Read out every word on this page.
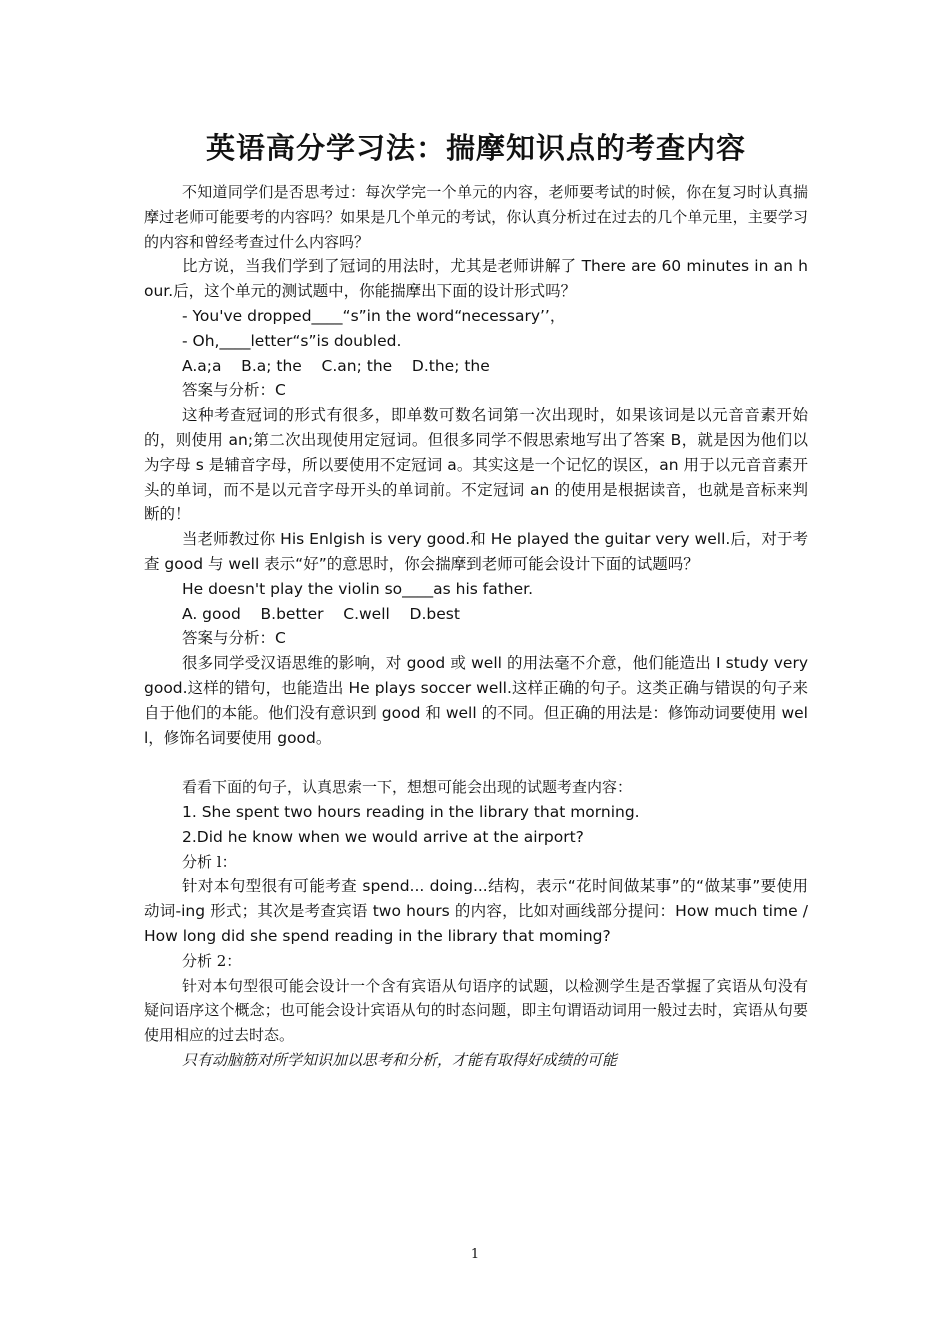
英语高分学习法：揣摩知识点的考查内容

不知道同学们是否思考过：每次学完一个单元的内容，老师要考试的时候，你在复习时认真揣摩过老师可能要考的内容吗？如果是几个单元的考试，你认真分析过在过去的几个单元里，主要学习的内容和曾经考查过什么内容吗？

比方说，当我们学到了冠词的用法时，尤其是老师讲解了 There are 60 minutes in an hour.后，这个单元的测试题中，你能揣摩出下面的设计形式吗？

- You've dropped____“s”in the word“necessary’’，

- Oh,____letter“s”is doubled.

A.a;a    B.a; the    C.an; the    D.the; the

答案与分析：C

这种考查冠词的形式有很多，即单数可数名词第一次出现时，如果该词是以元音音素开始的，则使用 an;第二次出现使用定冠词。但很多同学不假思索地写出了答案 B，就是因为他们以为字母 s 是辅音字母，所以要使用不定冠词 a。其实这是一个记忆的误区，an 用于以元音音素开头的单词，而不是以元音字母开头的单词前。不定冠词 an 的使用是根据读音，也就是音标来判断的！

当老师教过你 His Enlgish is very good.和 He played the guitar very well.后，对于考查 good 与 well 表示“好”的意思时，你会揣摩到老师可能会设计下面的试题吗？

He doesn't play the violin so____as his father.

A. good    B.better    C.well    D.best

答案与分析：C

很多同学受汉语思维的影响，对 good 或 well 的用法毫不介意，他们能造出 I study very good.这样的错句，也能造出 He plays soccer well.这样正确的句子。这类正确与错误的句子来自于他们的本能。他们没有意识到 good 和 well 的不同。但正确的用法是：修饰动词要使用 well，修饰名词要使用 good。

看看下面的句子，认真思索一下，想想可能会出现的试题考查内容：

1. She spent two hours reading in the library that morning.

2.Did he know when we would arrive at the airport?

分析 l：

针对本句型很有可能考查 spend... doing...结构，表示“花时间做某事”的“做某事”要使用动词-ing 形式；其次是考查宾语 two hours 的内容，比如对画线部分提问：How much time / How long did she spend reading in the library that moming?

分析 2：

针对本句型很可能会设计一个含有宾语从句语序的试题，以检测学生是否掌握了宾语从句没有疑问语序这个概念；也可能会设计宾语从句的时态问题，即主句谓语动词用一般过去时，宾语从句要使用相应的过去时态。

只有动脑筋对所学知识加以思考和分析，才能有取得好成绩的可能

1
